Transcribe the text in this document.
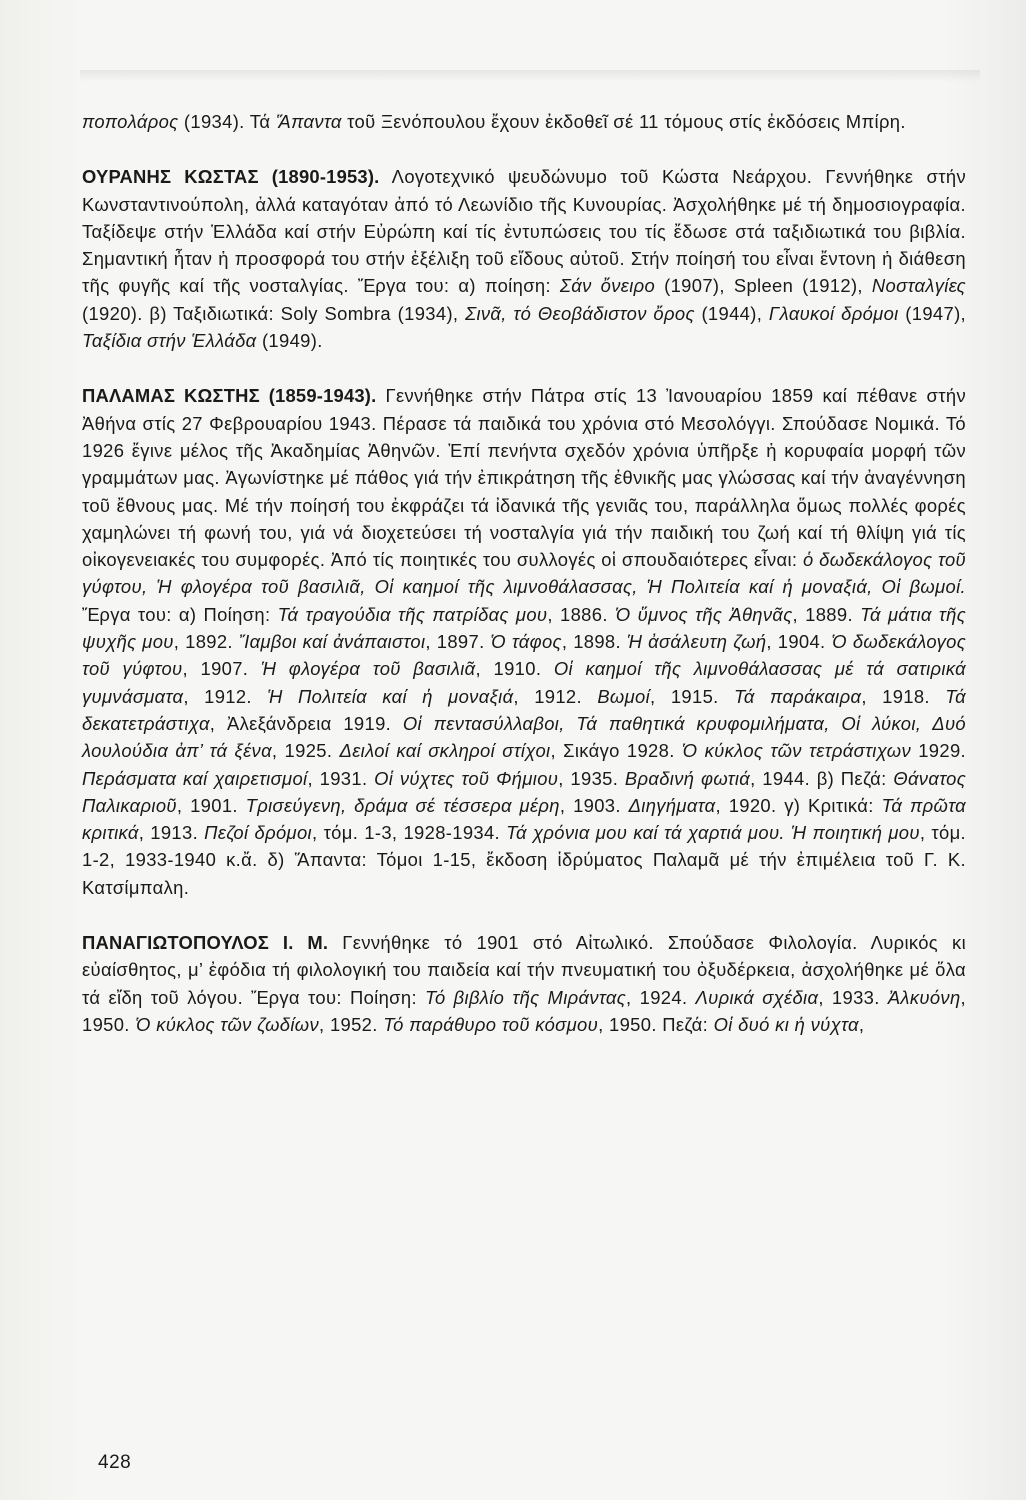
ποπολάρος (1934). Τά Ἅπαντα τοῦ Ξενόπουλου ἔχουν ἐκδοθεῖ σέ 11 τόμους στίς ἐκδόσεις Μπίρη.

ΟΥΡΑΝΗΣ ΚΩΣΤΑΣ (1890-1953). Λογοτεχνικό ψευδώνυμο τοῦ Κώστα Νεάρχου. Γεννήθηκε στήν Κωνσταντινούπολη, ἀλλά καταγόταν ἀπό τό Λεωνίδιο τῆς Κυνουρίας. Ἀσχολήθηκε μέ τή δημοσιογραφία. Ταξίδεψε στήν Ἑλλάδα καί στήν Εὐρώπη καί τίς ἐντυπώσεις του τίς ἔδωσε στά ταξιδιωτικά του βιβλία. Σημαντική ἦταν ἡ προσφορά του στήν ἐξέλιξη τοῦ εἴδους αὐτοῦ. Στήν ποίησή του εἶναι ἔντονη ἡ διάθεση τῆς φυγῆς καί τῆς νοσταλγίας. Ἔργα του: α) ποίηση: Σάν ὄνειρο (1907), Spleen (1912), Νοσταλγίες (1920). β) Ταξιδιωτικά: Soly Sombra (1934), Σινᾶ, τό Θεοβάδιστον ὄρος (1944), Γλαυκοί δρόμοι (1947), Ταξίδια στήν Ἑλλάδα (1949).

ΠΑΛΑΜΑΣ ΚΩΣΤΗΣ (1859-1943). Γεννήθηκε στήν Πάτρα στίς 13 Ἰανουαρίου 1859 καί πέθανε στήν Ἀθήνα στίς 27 Φεβρουαρίου 1943. Πέρασε τά παιδικά του χρόνια στό Μεσολόγγι. Σπούδασε Νομικά. Τό 1926 ἔγινε μέλος τῆς Ἀκαδημίας Ἀθηνῶν. Ἐπί πενήντα σχεδόν χρόνια ὑπῆρξε ἡ κορυφαία μορφή τῶν γραμμάτων μας. Ἀγωνίστηκε μέ πάθος γιά τήν ἐπικράτηση τῆς ἐθνικῆς μας γλώσσας καί τήν ἀναγέννηση τοῦ ἔθνους μας. Μέ τήν ποίησή του ἐκφράζει τά ἰδανικά τῆς γενιᾶς του, παράλληλα ὅμως πολλές φορές χαμηλώνει τή φωνή του, γιά νά διοχετεύσει τή νοσταλγία γιά τήν παιδική του ζωή καί τή θλίψη γιά τίς οἰκογενειακές του συμφορές. Ἀπό τίς ποιητικές του συλλογές οἱ σπουδαιότερες εἶναι: ὁ δωδεκάλογος τοῦ γύφτου, Ἡ φλογέρα τοῦ βασιλιᾶ, Οἱ καημοί τῆς λιμνοθάλασσας, Ἡ Πολιτεία καί ἡ μοναξιά, Οἱ βωμοί. Ἔργα του: α) Ποίηση: Τά τραγούδια τῆς πατρίδας μου, 1886. Ὁ ὕμνος τῆς Ἀθηνᾶς, 1889. Τά μάτια τῆς ψυχῆς μου, 1892. Ἴαμβοι καί ἀνάπαιστοι, 1897. Ὁ τάφος, 1898. Ἡ ἀσάλευτη ζωή, 1904. Ὁ δωδεκάλογος τοῦ γύφτου, 1907. Ἡ φλογέρα τοῦ βασιλιᾶ, 1910. Οἱ καημοί τῆς λιμνοθάλασσας μέ τά σατιρικά γυμνάσματα, 1912. Ἡ Πολιτεία καί ἡ μοναξιά, 1912. Βωμοί, 1915. Τά παράκαιρα, 1918. Τά δεκατετράστιχα, Ἀλεξάνδρεια 1919. Οἱ πεντασύλλαβοι, Τά παθητικά κρυφομιλήματα, Οἱ λύκοι, Δυό λουλούδια ἀπ’ τά ξένα, 1925. Δειλοί καί σκληροί στίχοι, Σικάγο 1928. Ὁ κύκλος τῶν τετράστιχων 1929. Περάσματα καί χαιρετισμοί, 1931. Οἱ νύχτες τοῦ Φήμιου, 1935. Βραδινή φωτιά, 1944. β) Πεζά: Θάνατος Παλικαριοῦ, 1901. Τρισεύγενη, δράμα σέ τέσσερα μέρη, 1903. Διηγήματα, 1920. γ) Κριτικά: Τά πρῶτα κριτικά, 1913. Πεζοί δρόμοι, τόμ. 1-3, 1928-1934. Τά χρόνια μου καί τά χαρτιά μου. Ἡ ποιητική μου, τόμ. 1-2, 1933-1940 κ.ἄ. δ) Ἅπαντα: Τόμοι 1-15, ἔκδοση ἱδρύματος Παλαμᾶ μέ τήν ἐπιμέλεια τοῦ Γ. Κ. Κατσίμπαλη.

ΠΑΝΑΓΙΩΤΟΠΟΥΛΟΣ Ι. Μ. Γεννήθηκε τό 1901 στό Αἰτωλικό. Σπούδασε Φιλολογία. Λυρικός κι εὐαίσθητος, μ’ ἐφόδια τή φιλολογική του παιδεία καί τήν πνευματική του ὀξυδέρκεια, ἀσχολήθηκε μέ ὅλα τά εἴδη τοῦ λόγου. Ἔργα του: Ποίηση: Τό βιβλίο τῆς Μιράντας, 1924. Λυρικά σχέδια, 1933. Ἀλκυόνη, 1950. Ὁ κύκλος τῶν ζωδίων, 1952. Τό παράθυρο τοῦ κόσμου, 1950. Πεζά: Οἱ δυό κι ἡ νύχτα,

428
